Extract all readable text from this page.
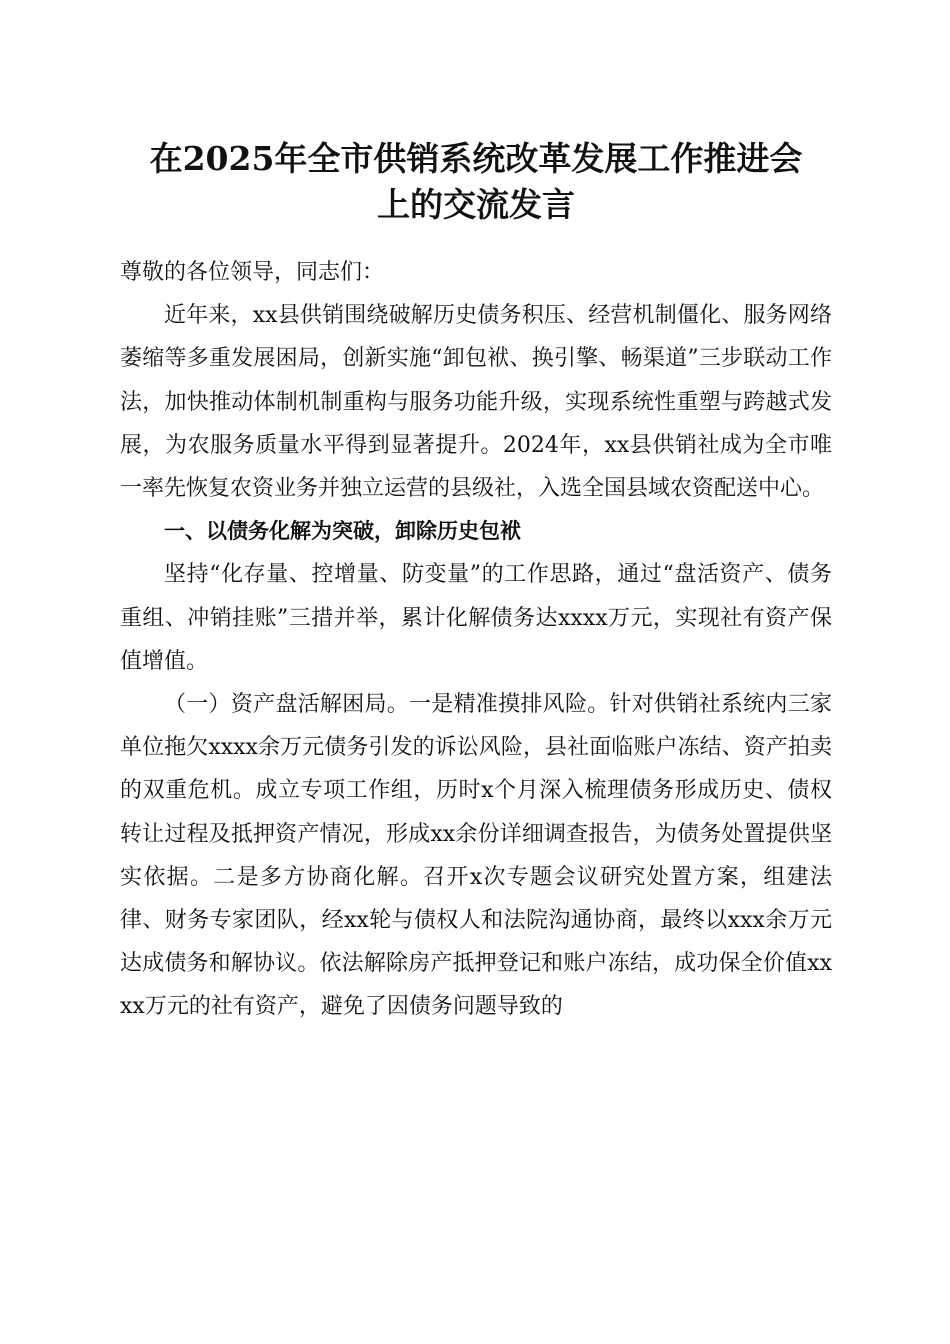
在2025年全市供销系统改革发展工作推进会
上的交流发言

尊敬的各位领导，同志们：

近年来，xx县供销围绕破解历史债务积压、经营机制僵化、服务网络萎缩等多重发展困局，创新实施“卸包袱、换引擎、畅渠道”三步联动工作法，加快推动体制机制重构与服务功能升级，实现系统性重塑与跨越式发展，为农服务质量水平得到显著提升。2024年，xx县供销社成为全市唯一率先恢复农资业务并独立运营的县级社，入选全国县域农资配送中心。

一、以债务化解为突破，卸除历史包袱

坚持“化存量、控增量、防变量”的工作思路，通过“盘活资产、债务重组、冲销挂账”三措并举，累计化解债务达xxxx万元，实现社有资产保值增值。

（一）资产盘活解困局。一是精准摸排风险。针对供销社系统内三家单位拖欠xxxx余万元债务引发的诉讼风险，县社面临账户冻结、资产拍卖的双重危机。成立专项工作组，历时x个月深入梳理债务形成历史、债权转让过程及抵押资产情况，形成xx余份详细调查报告，为债务处置提供坚实依据。二是多方协商化解。召开x次专题会议研究处置方案，组建法律、财务专家团队，经xx轮与债权人和法院沟通协商，最终以xxx余万元达成债务和解协议。依法解除房产抵押登记和账户冻结，成功保全价值xxxx万元的社有资产，避免了因债务问题导致的
